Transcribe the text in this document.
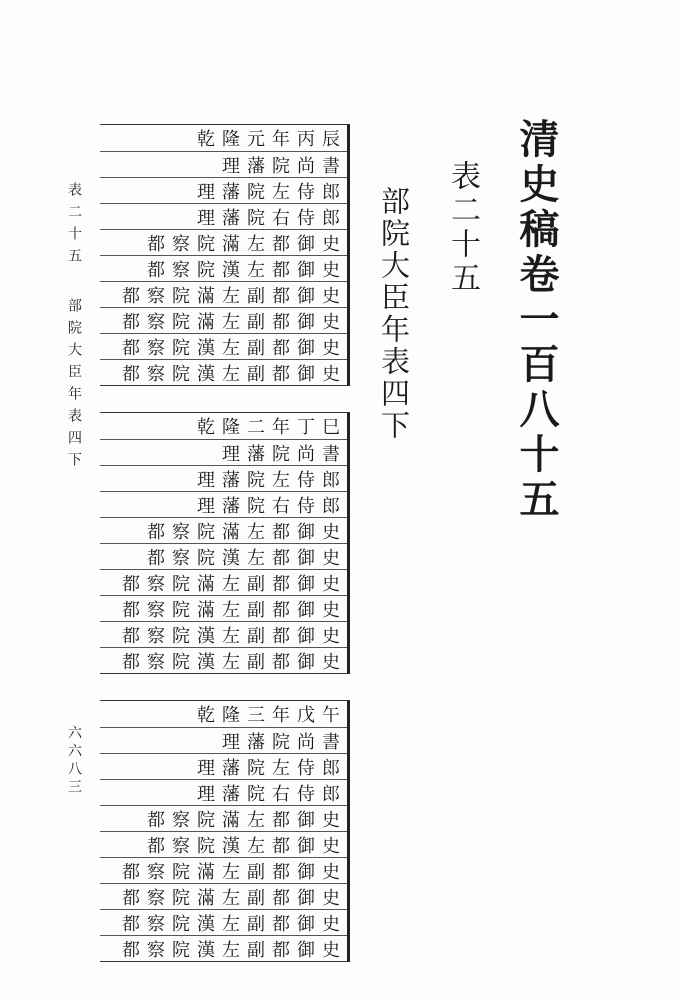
清史稿卷一百八十五
表二十五
部院大臣年表四下
表二十五部院大臣年表四下
六六八三
乾隆元年丙辰
理藩院尚書
理藩院左侍郎
理藩院右侍郎
都察院滿左都御史
都察院漢左都御史
都察院滿左副都御史
都察院滿左副都御史
都察院漢左副都御史
都察院漢左副都御史
乾隆二年丁巳
理藩院尚書
理藩院左侍郎
理藩院右侍郎
都察院滿左都御史
都察院漢左都御史
都察院滿左副都御史
都察院滿左副都御史
都察院漢左副都御史
都察院漢左副都御史
乾隆三年戊午
理藩院尚書
理藩院左侍郎
理藩院右侍郎
都察院滿左都御史
都察院漢左都御史
都察院滿左副都御史
都察院滿左副都御史
都察院漢左副都御史
都察院漢左副都御史
